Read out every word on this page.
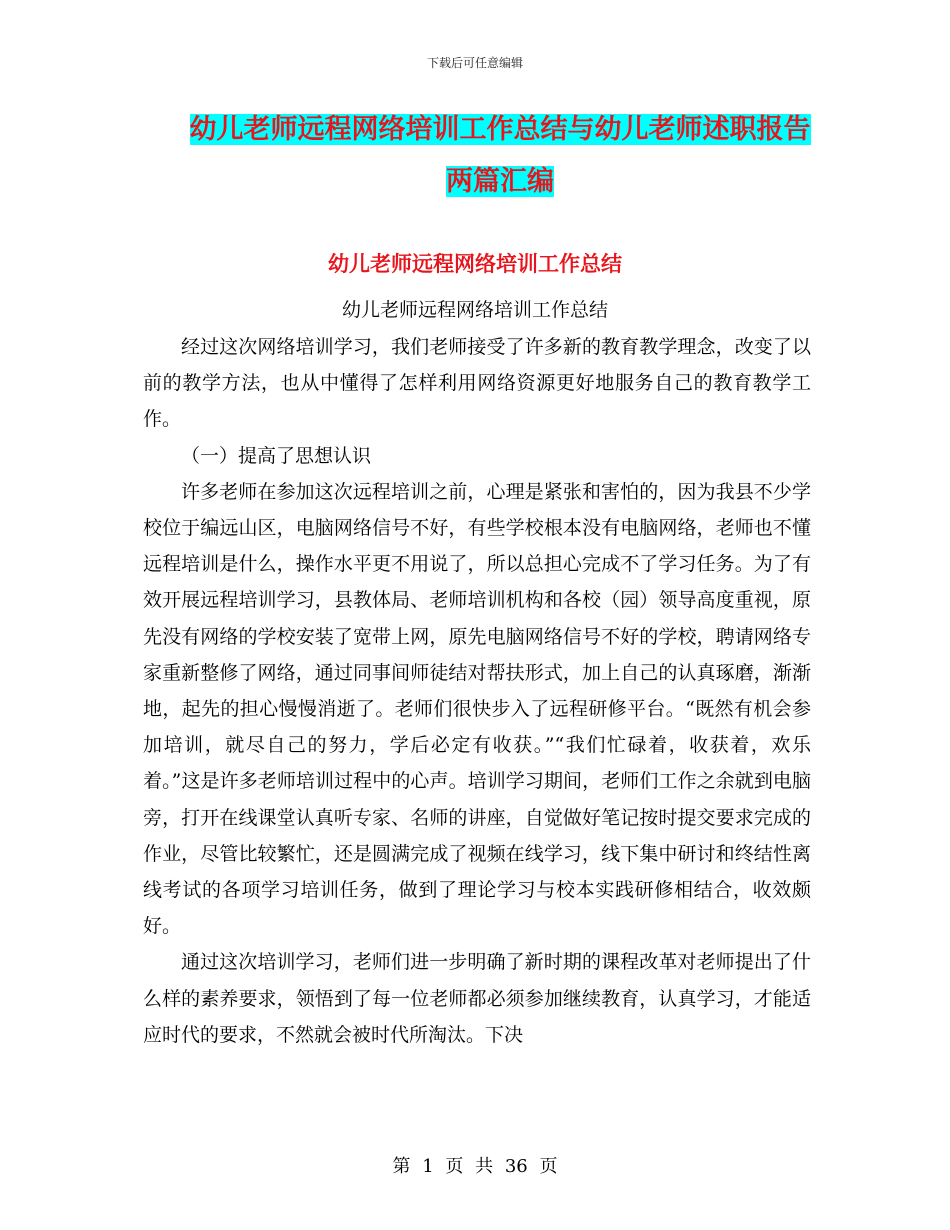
下载后可任意编辑
幼儿老师远程网络培训工作总结与幼儿老师述职报告
两篇汇编
幼儿老师远程网络培训工作总结
幼儿老师远程网络培训工作总结

经过这次网络培训学习，我们老师接受了许多新的教育教学理念，改变了以前的教学方法，也从中懂得了怎样利用网络资源更好地服务自己的教育教学工作。

（一）提高了思想认识

许多老师在参加这次远程培训之前，心理是紧张和害怕的，因为我县不少学校位于编远山区，电脑网络信号不好，有些学校根本没有电脑网络，老师也不懂远程培训是什么，操作水平更不用说了，所以总担心完成不了学习任务。为了有效开展远程培训学习，县教体局、老师培训机构和各校（园）领导高度重视，原先没有网络的学校安装了宽带上网，原先电脑网络信号不好的学校，聘请网络专家重新整修了网络，通过同事间师徒结对帮扶形式，加上自己的认真琢磨，渐渐地，起先的担心慢慢消逝了。老师们很快步入了远程研修平台。“既然有机会参加培训，就尽自己的努力，学后必定有收获。”“我们忙碌着，收获着，欢乐着。”这是许多老师培训过程中的心声。培训学习期间，老师们工作之余就到电脑旁，打开在线课堂认真听专家、名师的讲座，自觉做好笔记按时提交要求完成的作业，尽管比较繁忙，还是圆满完成了视频在线学习，线下集中研讨和终结性离线考试的各项学习培训任务，做到了理论学习与校本实践研修相结合，收效颇好。

通过这次培训学习，老师们进一步明确了新时期的课程改革对老师提出了什么样的素养要求，领悟到了每一位老师都必须参加继续教育，认真学习，才能适应时代的要求，不然就会被时代所淘汰。下决

第 1 页 共 36 页
